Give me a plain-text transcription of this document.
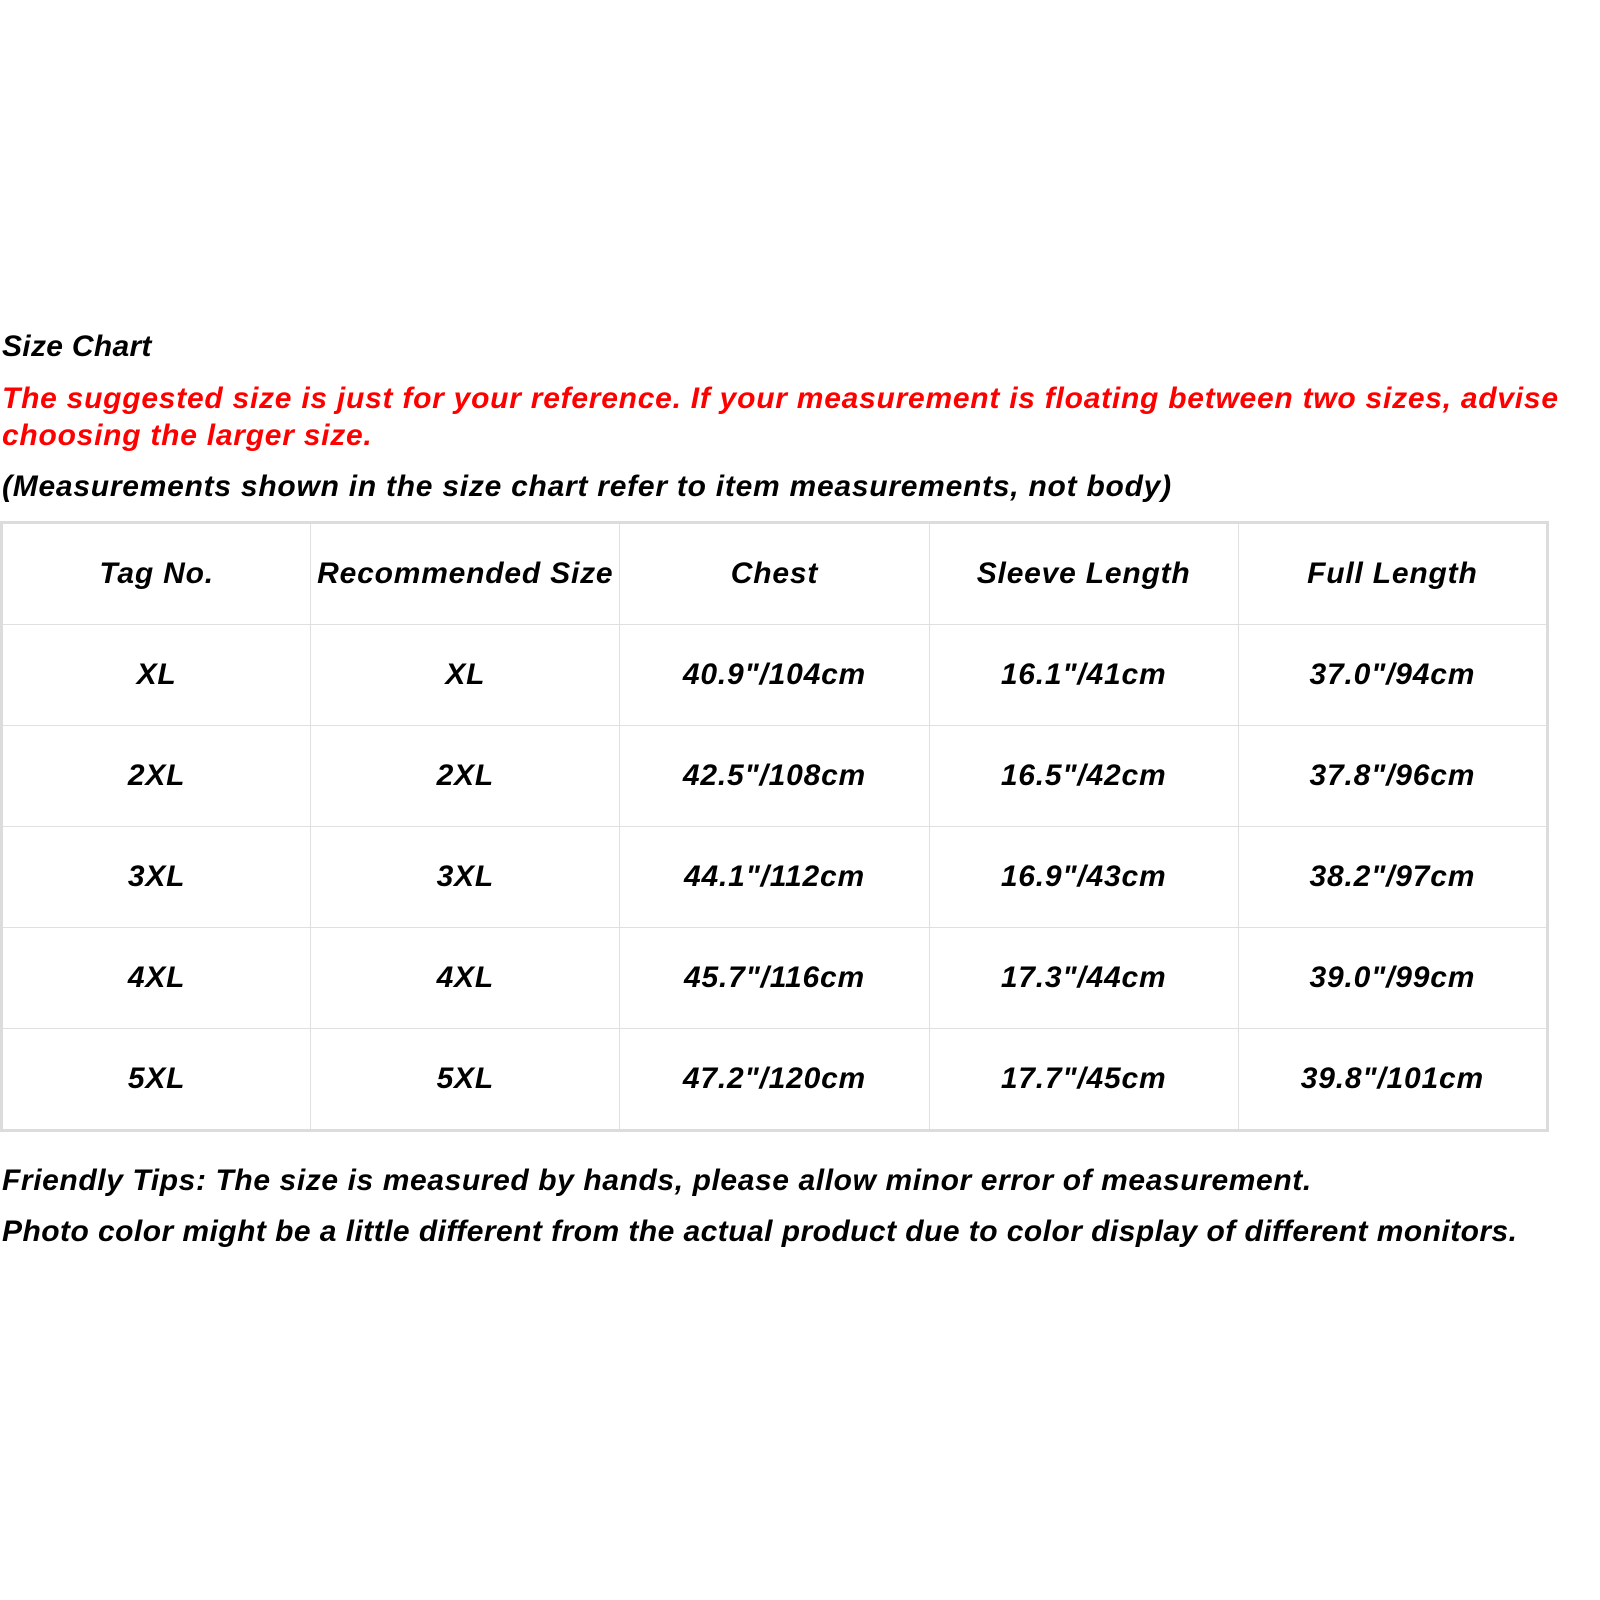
Size Chart

The suggested size is just for your reference. If your measurement is floating between two sizes, advise choosing the larger size.

(Measurements shown in the size chart refer to item measurements, not body)

Tag No.	Recommended Size	Chest	Sleeve Length	Full Length
XL	XL	40.9"/104cm	16.1"/41cm	37.0"/94cm
2XL	2XL	42.5"/108cm	16.5"/42cm	37.8"/96cm
3XL	3XL	44.1"/112cm	16.9"/43cm	38.2"/97cm
4XL	4XL	45.7"/116cm	17.3"/44cm	39.0"/99cm
5XL	5XL	47.2"/120cm	17.7"/45cm	39.8"/101cm

Friendly Tips: The size is measured by hands, please allow minor error of measurement.

Photo color might be a little different from the actual product due to color display of different monitors.
